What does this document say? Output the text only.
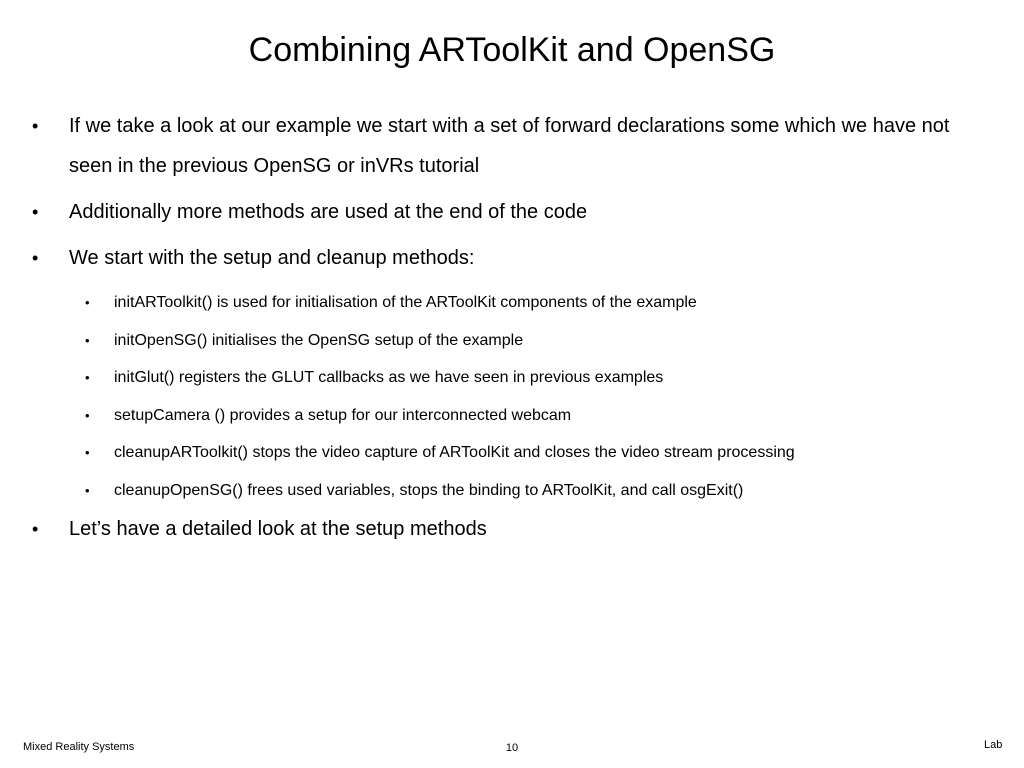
Combining ARToolKit and OpenSG
•	If we take a look at our example we start with a set of forward declarations some which we have not seen in the previous OpenSG or inVRs tutorial
•	Additionally more methods are used at the end of the code
•	We start with the setup and cleanup methods:
• initARToolkit() is used for initialisation of the ARToolKit components of the example
• initOpenSG() initialises the OpenSG setup of the example
• initGlut() registers the GLUT callbacks as we have seen in previous examples
• setupCamera () provides a setup for our interconnected webcam
• cleanupARToolkit() stops the video capture of ARToolKit and closes the video stream processing
• cleanupOpenSG() frees used variables, stops the binding to ARToolKit, and call osgExit()
•	Let’s have a detailed look at the setup methods
Mixed Reality Systems	10	Lab
